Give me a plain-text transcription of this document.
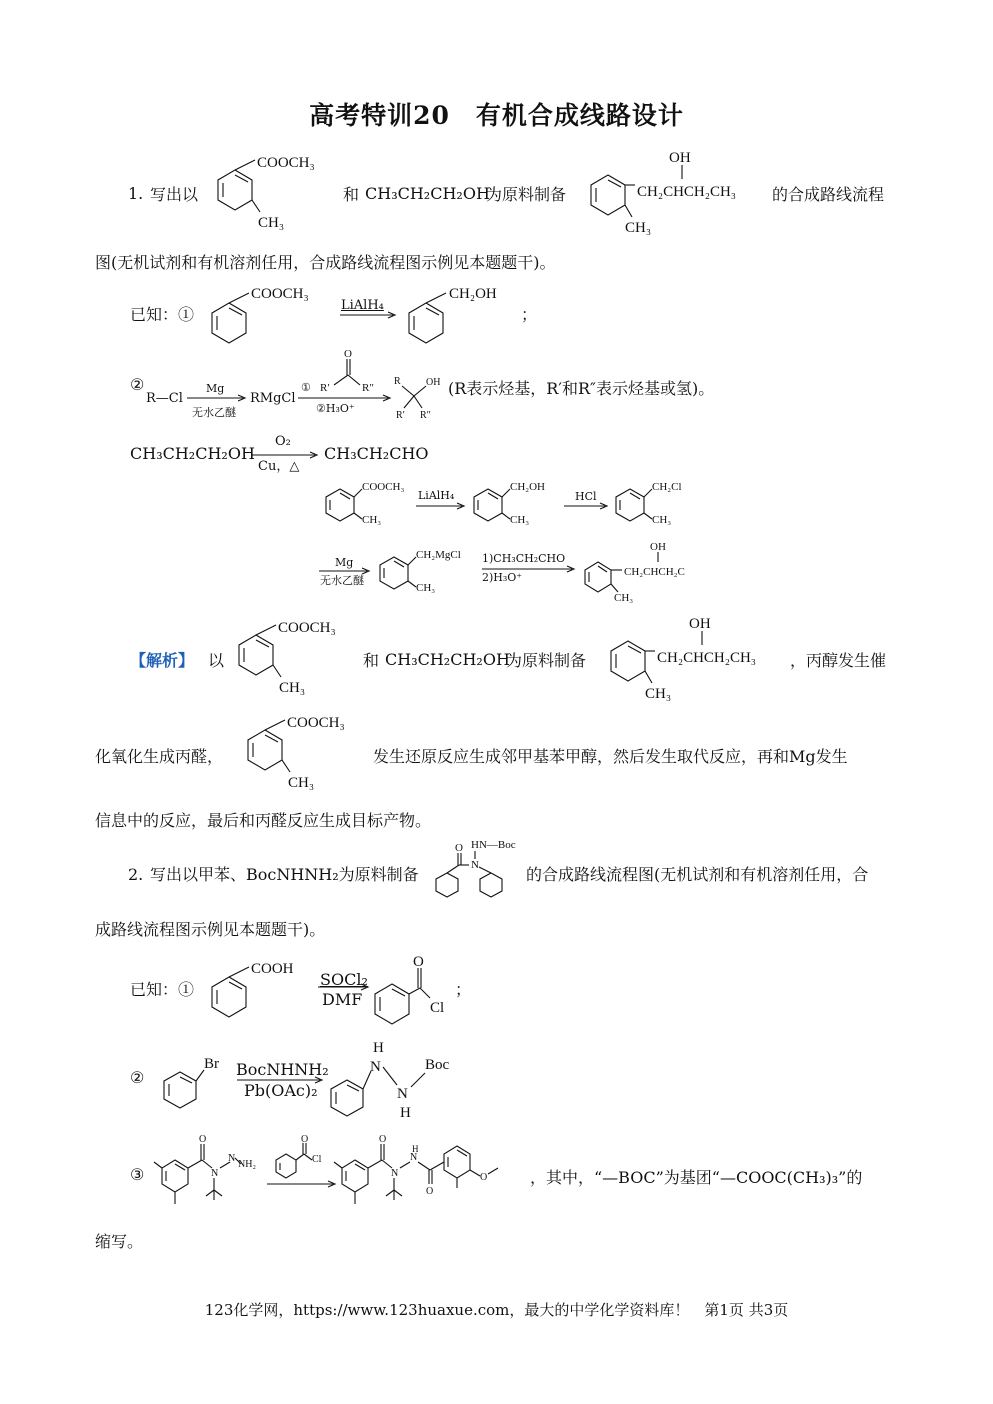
高考特训20　有机合成线路设计
1. 写出以
COOCH₃
CH₃
和 CH₃CH₂CH₂OH
为原料制备
OH
CH₂CHCH₂CH₃
CH₃
的合成路线流程
图(无机试剂和有机溶剂任用，合成路线流程图示例见本题题干)。
已知：①
COOCH₃
LiAlH₄
CH₂OH
；
②
R—Cl
Mg
无水乙醚
RMgCl
① R′
O
R″
②H₃O⁺
R	OH
R′ R″
(R表示烃基，R′和R″表示烃基或氢)。
CH₃CH₂CH₂OH
O₂
Cu，△
CH₃CH₂CHO
COOCH₃
CH₃
LiAlH₄
CH₂OH
CH₃
HCl
CH₂Cl
CH₃
Mg
无水乙醚
CH₂MgCl
CH₃
1)CH₃CH₂CHO
2)H₃O⁺
OH
CH₂CHCH₂C
CH₃
【解析】 以
COOCH₃
CH₃
和 CH₃CH₂CH₂OH
为原料制备
OH
CH₂CHCH₂CH₃
CH₃
，丙醇发生催
化氧化生成丙醛，
COOCH₃
CH₃
发生还原反应生成邻甲基苯甲醇，然后发生取代反应，再和Mg发生
信息中的反应，最后和丙醛反应生成目标产物。
2. 写出以甲苯、BocNHNH₂为原料制备
HN—Boc
N
O
的合成路线流程图(无机试剂和有机溶剂任用，合
成路线流程图示例见本题题干)。
已知：①
COOH
SOCl₂
DMF
O
Cl
；
②
Br BocNHNH₂
Pb(OAc)₂
H
N
N
H
Boc
③
O
N
N
NH₂
O
Cl
O
N
N
H
O
O	，其中，“—BOC”为基团“—COOC(CH₃)₃”的
缩写。
123化学网，https://www.123huaxue.com，最大的中学化学资料库！　第1页 共3页
